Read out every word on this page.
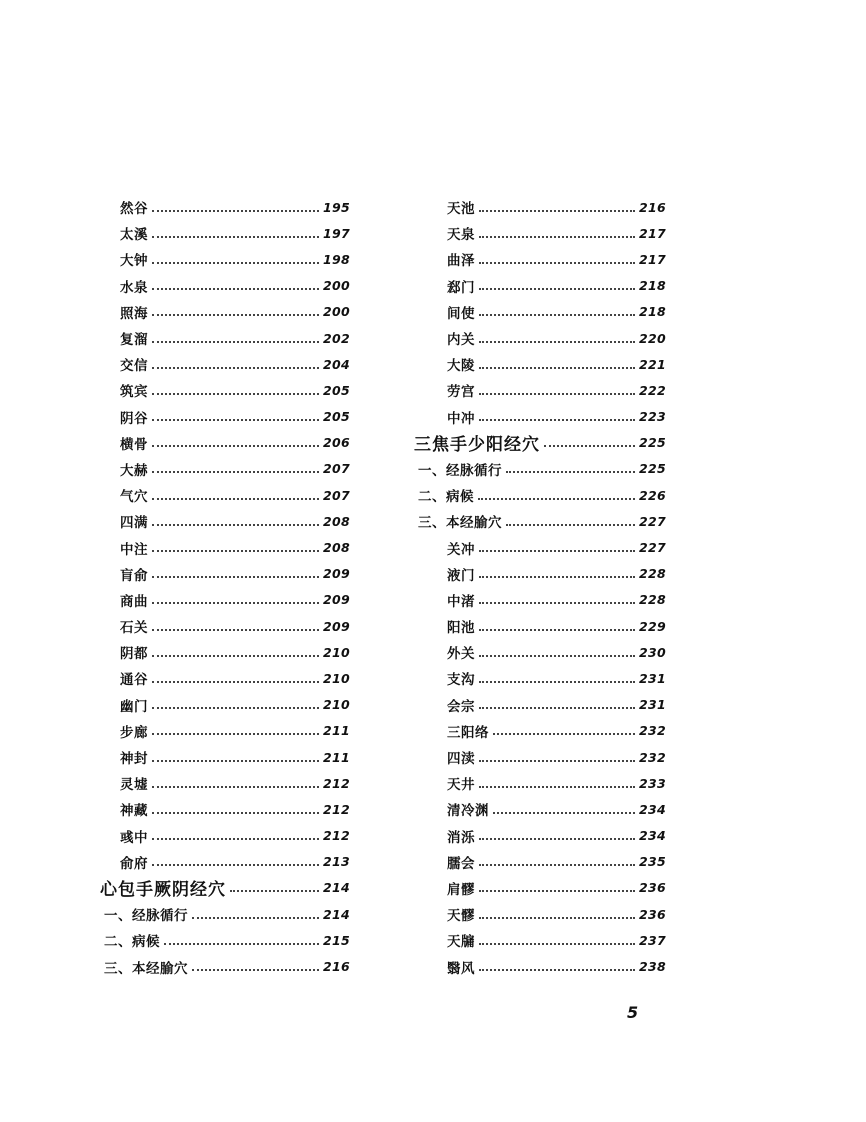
然谷	195
太溪	197
大钟	198
水泉	200
照海	200
复溜	202
交信	204
筑宾	205
阴谷	205
横骨	206
大赫	207
气穴	207
四满	208
中注	208
肓俞	209
商曲	209
石关	209
阴都	210
通谷	210
幽门	210
步廊	211
神封	211
灵墟	212
神藏	212
彧中	212
俞府	213
心包手厥阴经穴	214
一、经脉循行	214
二、病候	215
三、本经腧穴	216
天池	216
天泉	217
曲泽	217
郄门	218
间使	218
内关	220
大陵	221
劳宫	222
中冲	223
三焦手少阳经穴	225
一、经脉循行	225
二、病候	226
三、本经腧穴	227
关冲	227
液门	228
中渚	228
阳池	229
外关	230
支沟	231
会宗	231
三阳络	232
四渎	232
天井	233
清冷渊	234
消泺	234
臑会	235
肩髎	236
天髎	236
天牖	237
翳风	238
5
